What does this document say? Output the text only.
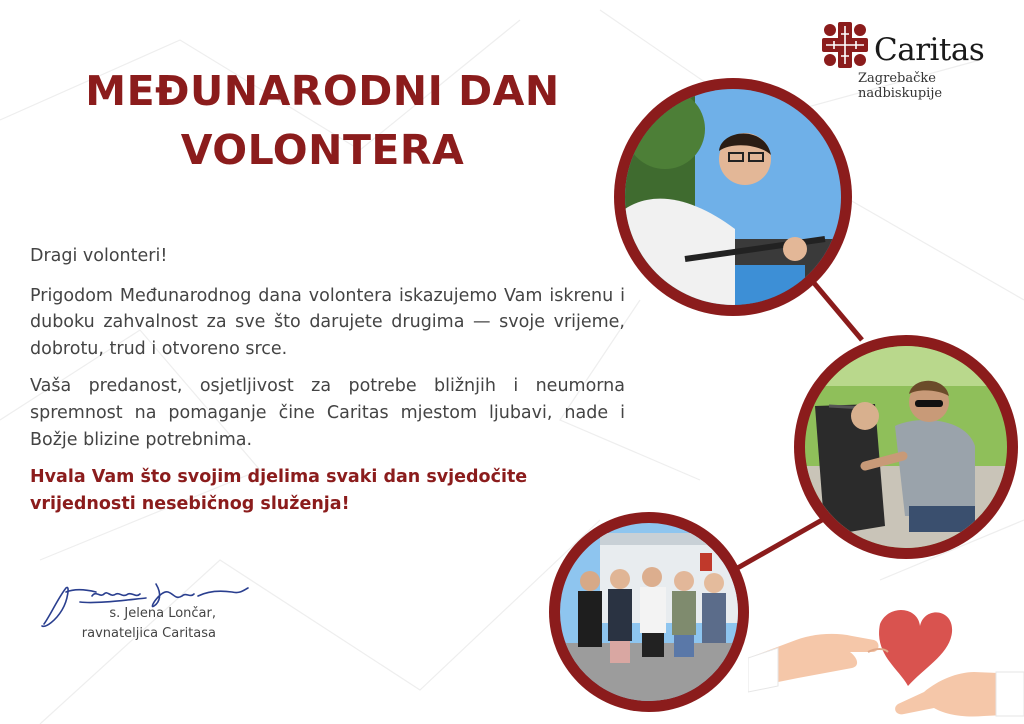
MEĐUNARODNI DAN
VOLONTERA
Caritas
Zagrebačke nadbiskupije

Dragi volonteri!

Prigodom Međunarodnog dana volontera iskazujemo Vam iskrenu i duboku zahvalnost za sve što darujete drugima — svoje vrijeme, dobrotu, trud i otvoreno srce.

Vaša predanost, osjetljivost za potrebe bližnjih i neumorna spremnost na pomaganje čine Caritas mjestom ljubavi, nade i Božje blizine potrebnima.

Hvala Vam što svojim djelima svaki dan svjedočite vrijednosti nesebičnog služenja!

s. Jelena Lončar,
ravnateljica Caritasa
